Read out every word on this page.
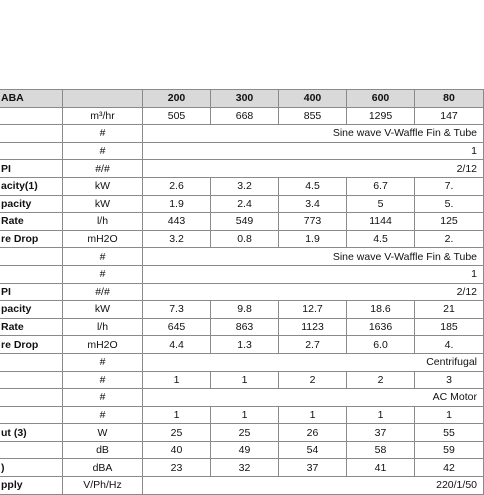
ABA		200	300	400	600	80
	m³/hr	505	668	855	1295	147
	#	Sine wave V-Waffle Fin & Tube				
	#	1				
PI	#/#	2/12				
acity(1)	kW	2.6	3.2	4.5	6.7	7.
pacity	kW	1.9	2.4	3.4	5	5.
Rate	l/h	443	549	773	1144	125
re Drop	mH2O	3.2	0.8	1.9	4.5	2.
	#	Sine wave V-Waffle Fin & Tube				
	#	1				
PI	#/#	2/12				
pacity	kW	7.3	9.8	12.7	18.6	21
Rate	l/h	645	863	1123	1636	185
re Drop	mH2O	4.4	1.3	2.7	6.0	4.
	#	Centrifugal				
	#	1	1	2	2	3
	#	AC Motor				
	#	1	1	1	1	1
ut (3)	W	25	25	26	37	55
	dB	40	49	54	58	59
)	dBA	23	32	37	41	42
pply	V/Ph/Hz	220/1/50				
